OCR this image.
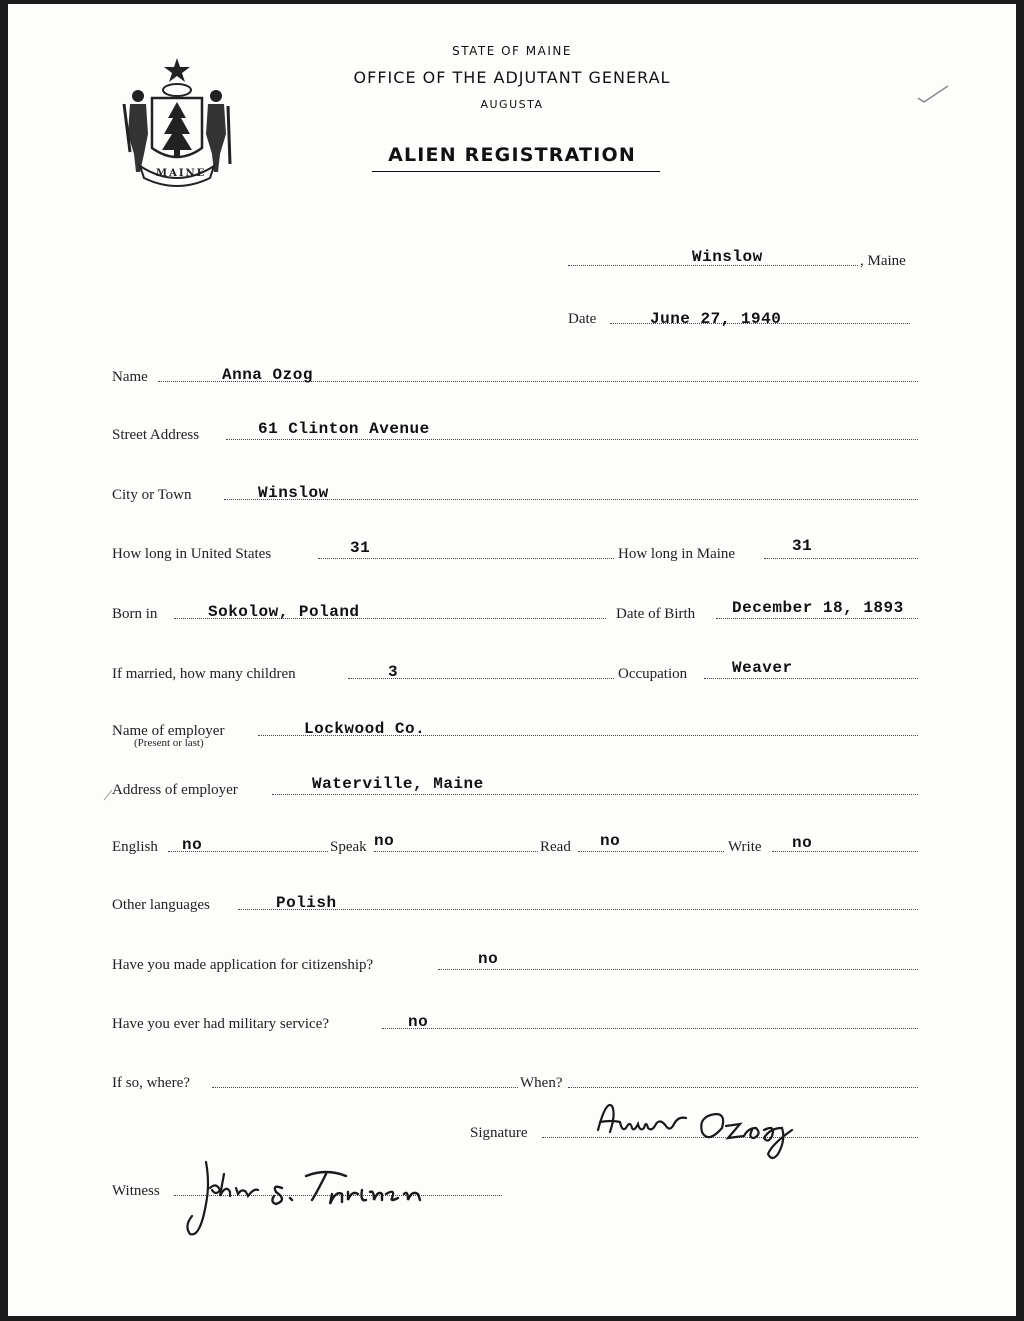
MAINE
STATE OF MAINE
OFFICE OF THE ADJUTANT GENERAL
AUGUSTA
ALIEN REGISTRATION
Winslow	, Maine
Date	June 27, 1940
Name	Anna Ozog
Street Address	61 Clinton Avenue
City or Town	Winslow
How long in United States	31	How long in Maine	31
Born in	Sokolow, Poland	Date of Birth December 18, 1893
If married, how many children	3	Occupation	Weaver
Name of employer	Lockwood Co.
(Present or last)
Address of employer	Waterville, Maine
English no	Speak no	Read no	Write no
Other languages	Polish
Have you made application for citizenship?	no
Have you ever had military service?	no
If so, where?	When?
Signature
Witness
